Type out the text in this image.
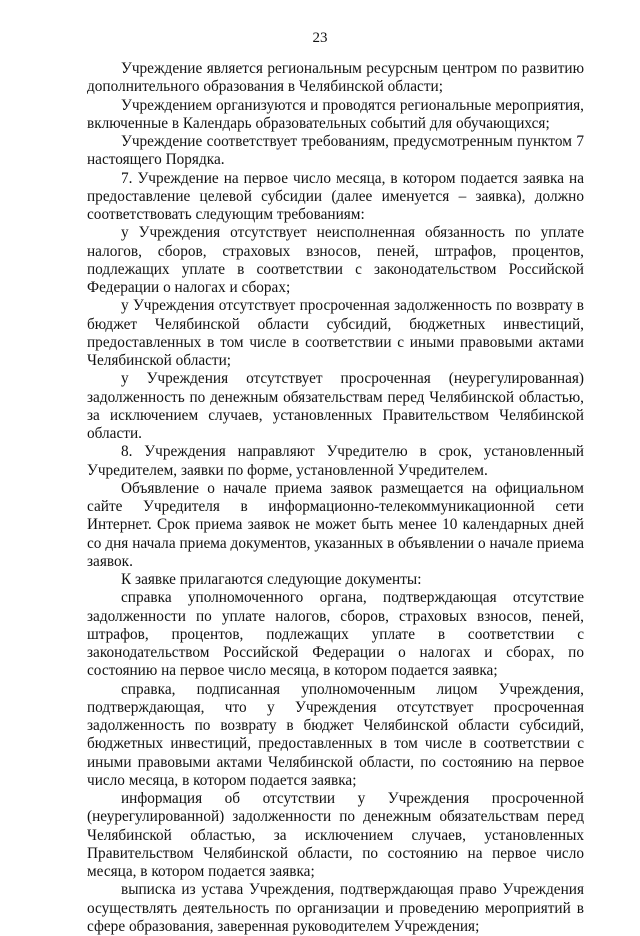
23

Учреждение является региональным ресурсным центром по развитию дополнительного образования в Челябинской области;

Учреждением организуются и проводятся региональные мероприятия, включенные в Календарь образовательных событий для обучающихся;

Учреждение соответствует требованиям, предусмотренным пунктом 7 настоящего Порядка.

7. Учреждение на первое число месяца, в котором подается заявка на предоставление целевой субсидии (далее именуется – заявка), должно соответствовать следующим требованиям:

у Учреждения отсутствует неисполненная обязанность по уплате налогов, сборов, страховых взносов, пеней, штрафов, процентов, подлежащих уплате в соответствии с законодательством Российской Федерации о налогах и сборах;

у Учреждения отсутствует просроченная задолженность по возврату в бюджет Челябинской области субсидий, бюджетных инвестиций, предоставленных в том числе в соответствии с иными правовыми актами Челябинской области;

у Учреждения отсутствует просроченная (неурегулированная) задолженность по денежным обязательствам перед Челябинской областью, за исключением случаев, установленных Правительством Челябинской области.

8. Учреждения направляют Учредителю в срок, установленный Учредителем, заявки по форме, установленной Учредителем.

Объявление о начале приема заявок размещается на официальном сайте Учредителя в информационно-телекоммуникационной сети Интернет. Срок приема заявок не может быть менее 10 календарных дней со дня начала приема документов, указанных в объявлении о начале приема заявок.

К заявке прилагаются следующие документы:

справка уполномоченного органа, подтверждающая отсутствие задолженности по уплате налогов, сборов, страховых взносов, пеней, штрафов, процентов, подлежащих уплате в соответствии с законодательством Российской Федерации о налогах и сборах, по состоянию на первое число месяца, в котором подается заявка;

справка, подписанная уполномоченным лицом Учреждения, подтверждающая, что у Учреждения отсутствует просроченная задолженность по возврату в бюджет Челябинской области субсидий, бюджетных инвестиций, предоставленных в том числе в соответствии с иными правовыми актами Челябинской области, по состоянию на первое число месяца, в котором подается заявка;

информация об отсутствии у Учреждения просроченной (неурегулированной) задолженности по денежным обязательствам перед Челябинской областью, за исключением случаев, установленных Правительством Челябинской области, по состоянию на первое число месяца, в котором подается заявка;

выписка из устава Учреждения, подтверждающая право Учреждения осуществлять деятельность по организации и проведению мероприятий в сфере образования, заверенная руководителем Учреждения;
